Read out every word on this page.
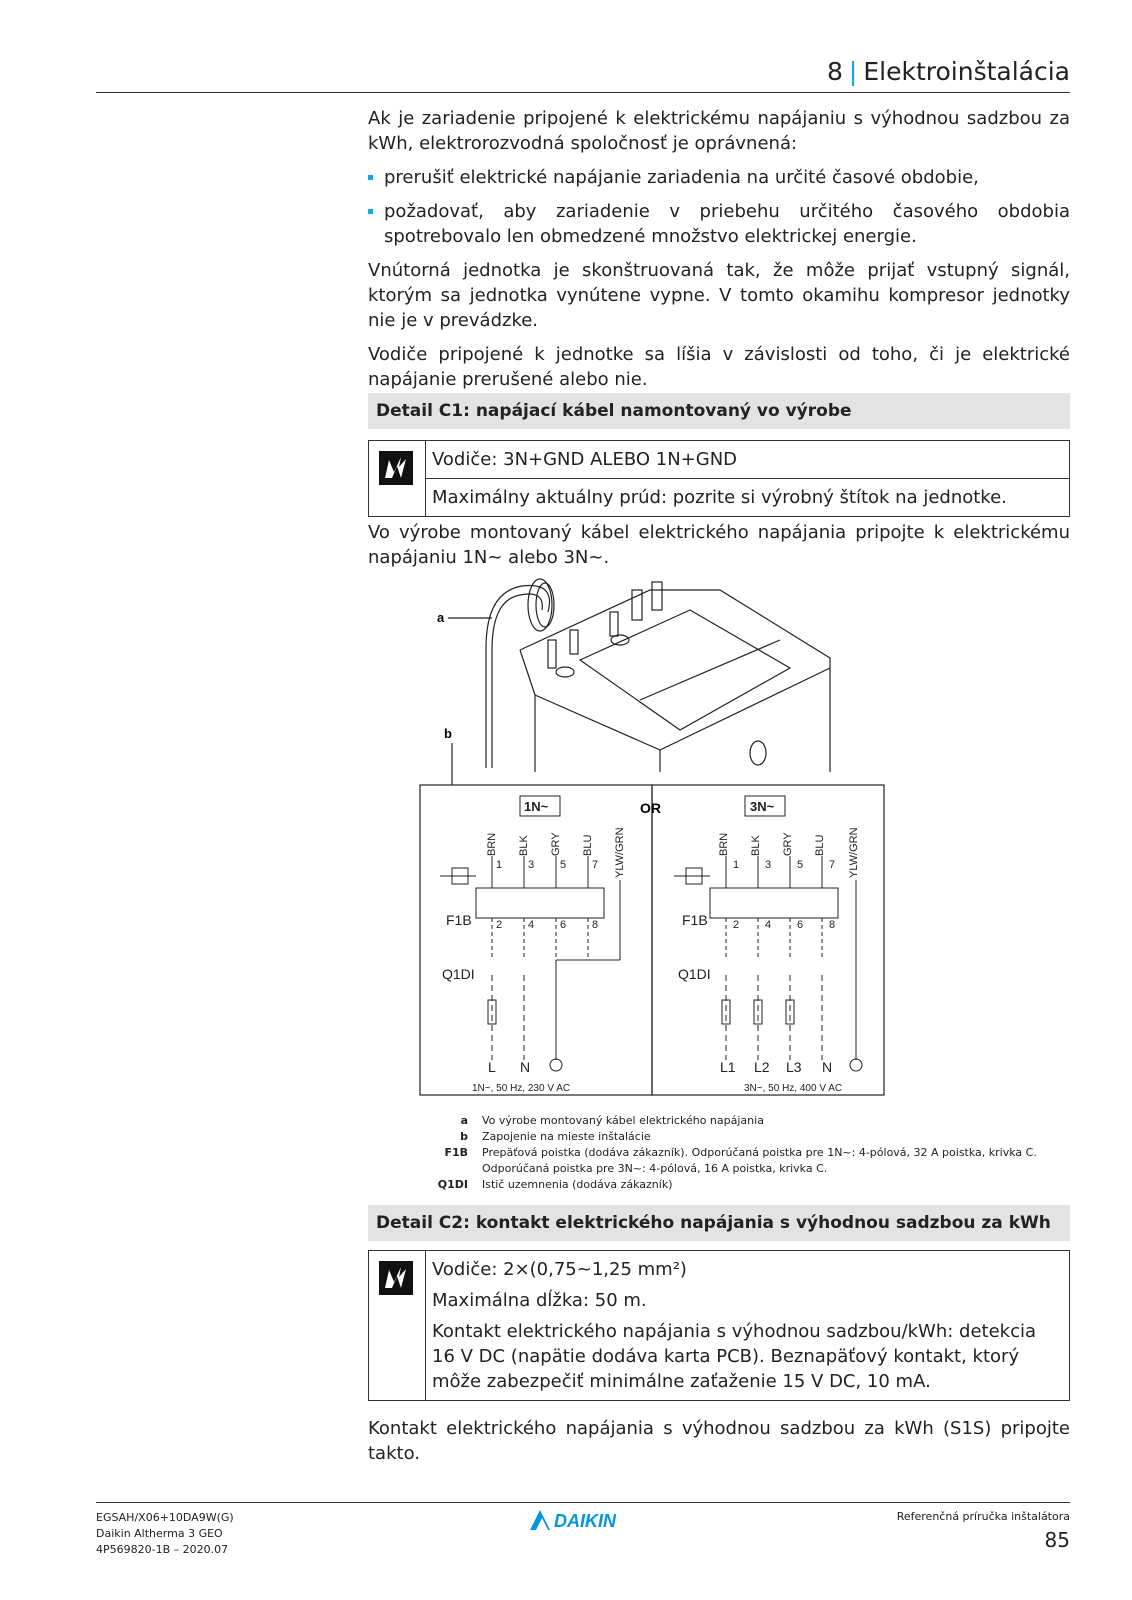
8 | Elektroinštalácia

Ak je zariadenie pripojené k elektrickému napájaniu s výhodnou sadzbou za kWh, elektrorozvodná spoločnosť je oprávnená:

prerušiť elektrické napájanie zariadenia na určité časové obdobie,
požadovať, aby zariadenie v priebehu určitého časového obdobia spotrebovalo len obmedzené množstvo elektrickej energie.

Vnútorná jednotka je skonštruovaná tak, že môže prijať vstupný signál, ktorým sa jednotka vynútene vypne. V tomto okamihu kompresor jednotky nie je v prevádzke.

Vodiče pripojené k jednotke sa líšia v závislosti od toho, či je elektrické napájanie prerušené alebo nie.

Detail C1: napájací kábel namontovaný vo výrobe
Vodiče: 3N+GND ALEBO 1N+GND
Maximálny aktuálny prúd: pozrite si výrobný štítok na jednotke.

Vo výrobe montovaný kábel elektrického napájania pripojte k elektrickému napájaniu 1N~ alebo 3N~.

a
b
OR
1N~
BRN BLK GRY BLU YLW/GRN
1 3 5 7
2 4 6 8
F1B
Q1DI
L N
1N~, 50 Hz, 230 V AC
3N~
BRN BLK GRY BLU YLW/GRN
1 3 5 7
2 4 6 8
F1B
Q1DI
L1 L2 L3 N
3N~, 50 Hz, 400 V AC
a Vo výrobe montovaný kábel elektrického napájania
b Zapojenie na mieste inštalácie
F1B Prepäťová poistka (dodáva zákazník). Odporúčaná poistka pre 1N~: 4-pólová, 32 A poistka, krivka C. Odporúčaná poistka pre 3N~: 4-pólová, 16 A poistka, krivka C.
Q1DI Istič uzemnenia (dodáva zákazník)
Detail C2: kontakt elektrického napájania s výhodnou sadzbou za kWh
Vodiče: 2×(0,75~1,25 mm²)
Maximálna dĺžka: 50 m.
Kontakt elektrického napájania s výhodnou sadzbou/kWh: detekcia 16 V DC (napätie dodáva karta PCB). Beznapäťový kontakt, ktorý môže zabezpečiť minimálne zaťaženie 15 V DC, 10 mA.

Kontakt elektrického napájania s výhodnou sadzbou za kWh (S1S) pripojte takto.

EGSAH/X06+10DA9W(G)
Daikin Altherma 3 GEO
4P569820-1B – 2020.07
DAIKIN	Referenčná príručka inštalátora
85
